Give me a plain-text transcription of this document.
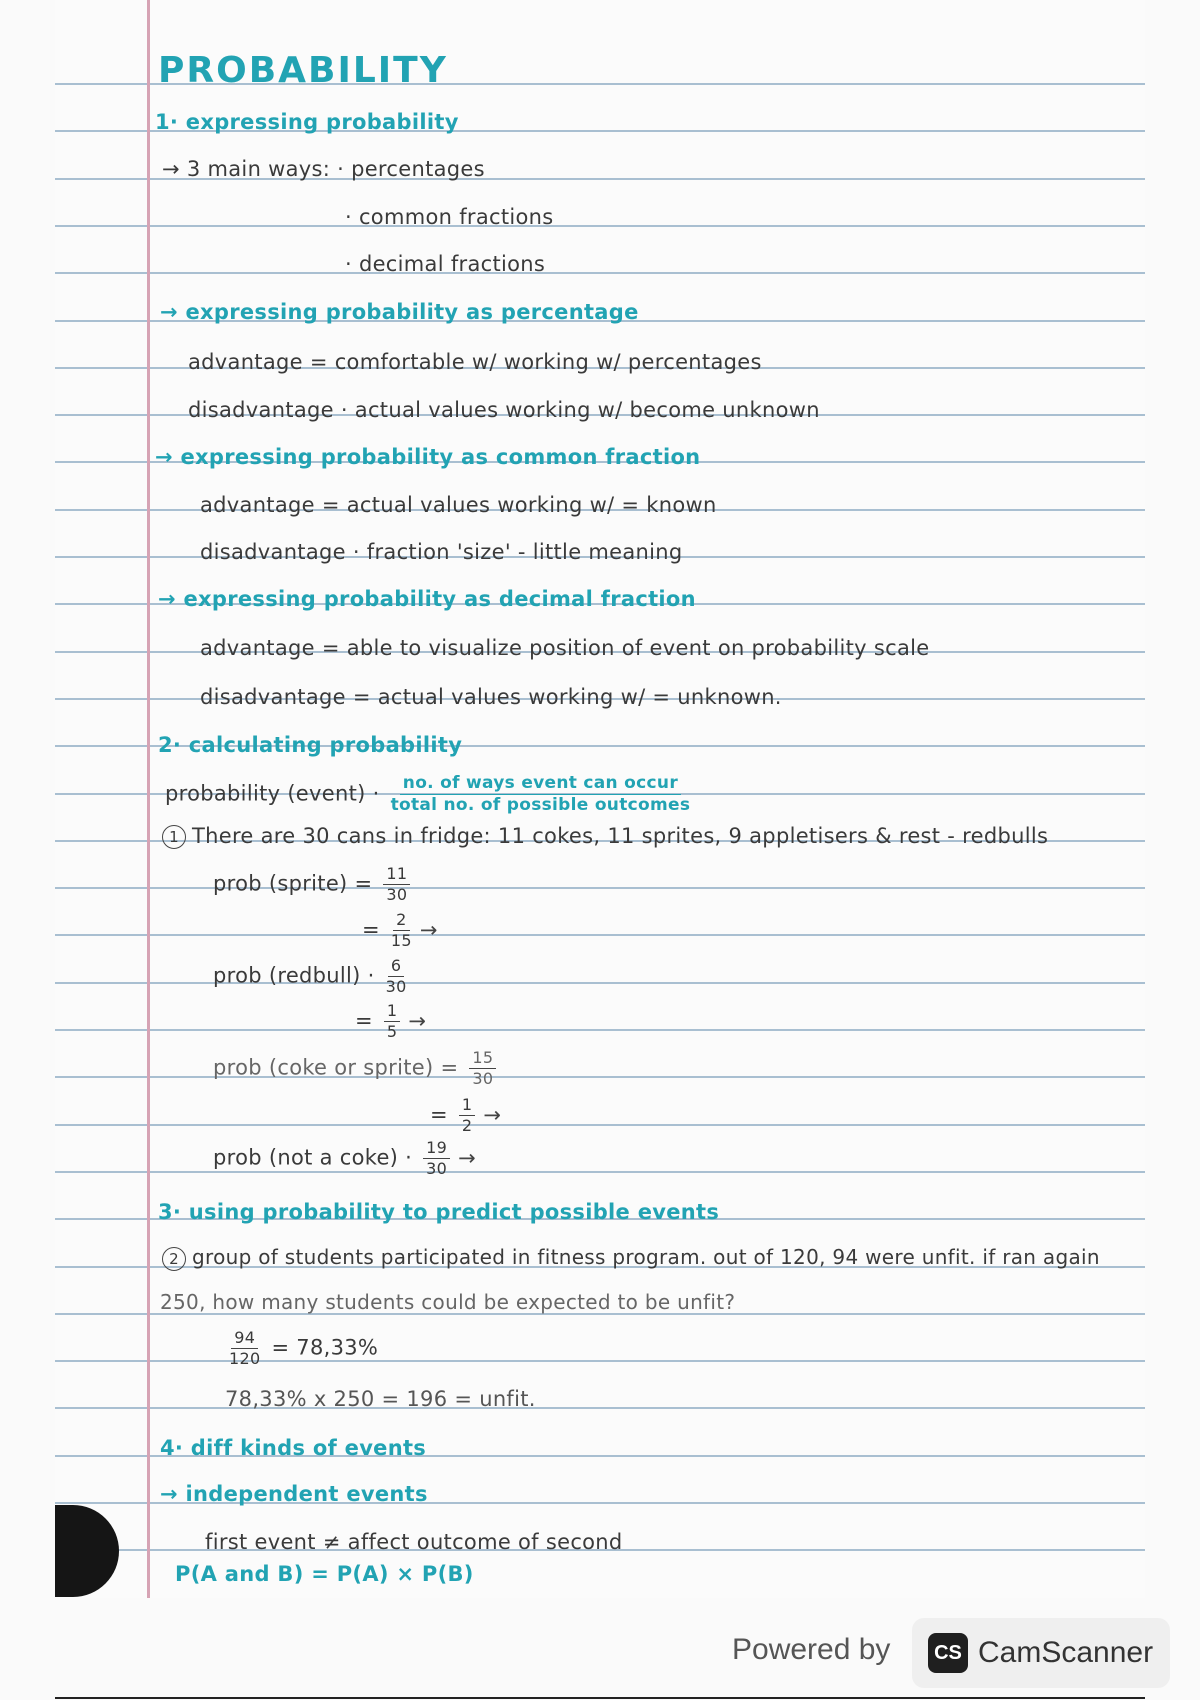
PROBABILITY
1· expressing probability
→ 3 main ways: · percentages
· common fractions
· decimal fractions
→ expressing probability as percentage
advantage = comfortable w/ working w/ percentages
disadvantage · actual values working w/ become unknown
→ expressing probability as common fraction
advantage = actual values working w/ = known
disadvantage · fraction 'size' - little meaning
→ expressing probability as decimal fraction
advantage = able to visualize position of event on probability scale
disadvantage = actual values working w/ = unknown.
2· calculating probability
probability (event) · $\frac{\text{no. of ways event can occur}}{\text{total no. of possible outcomes}}$
1 There are 30 cans in fridge: 11 cokes, 11 sprites, 9 appletisers & rest - redbulls
prob (sprite) = $\frac{11}{30}$
= $\frac{2}{15}$ →
prob (redbull) · $\frac{6}{30}$
= $\frac{1}{5}$ →
prob (coke or sprite) = $\frac{15}{30}$
= $\frac{1}{2}$ →
prob (not a coke) · $\frac{19}{30}$ →
3· using probability to predict possible events
2 group of students participated in fitness program. out of 120, 94 were unfit. if ran again
250, how many students could be expected to be unfit?
$\frac{94}{120} = 78,33\%$
78,33% x 250 = 196 = unfit.
4· diff kinds of events
→ independent events
first event ≠ affect outcome of second
P(A and B) = P(A) × P(B)
Powered by	CS CamScanner
